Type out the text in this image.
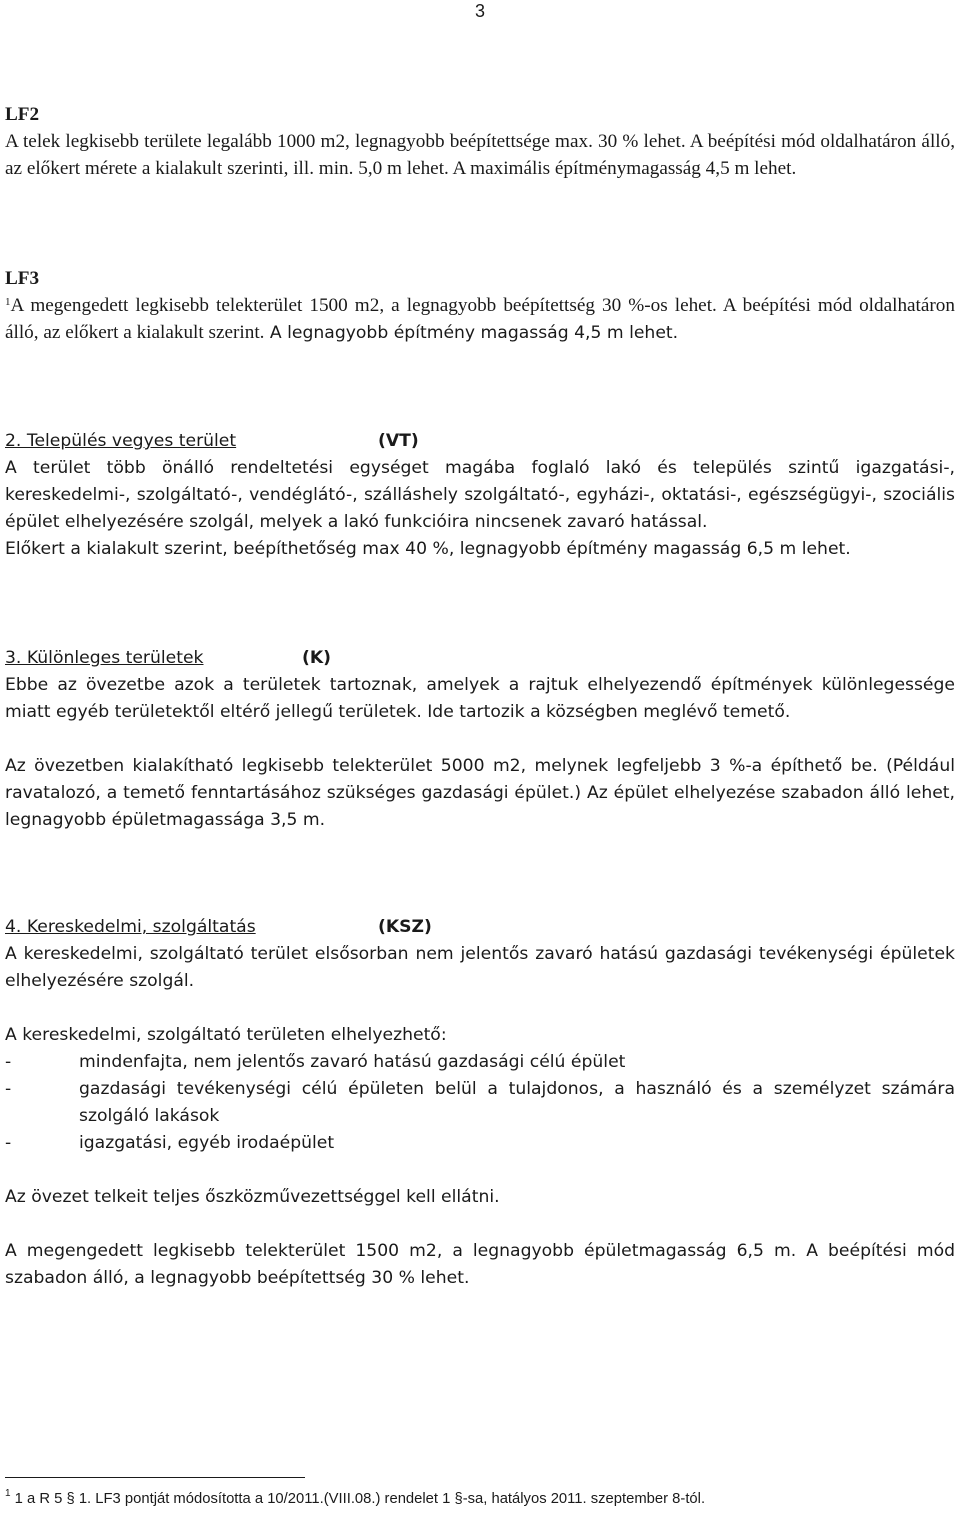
3

LF2

A telek legkisebb területe legalább 1000 m2, legnagyobb beépítettsége max. 30 % lehet. A beépítési mód oldalhatáron álló, az előkert mérete a kialakult szerinti, ill. min. 5,0 m lehet. A maximális építménymagasság 4,5 m lehet.

LF3

$^1$A megengedett legkisebb telekterület 1500 m2, a legnagyobb beépítettség 30 %-os lehet. A beépítési mód oldalhatáron álló, az előkert a kialakult szerint. A legnagyobb építmény magasság 4,5 m lehet.

2. Település vegyes terület	(VT)

A terület több önálló rendeltetési egységet magába foglaló lakó és település szintű igazgatási-, kereskedelmi-, szolgáltató-, vendéglátó-, szálláshely szolgáltató-, egyházi-, oktatási-, egészségügyi-, szociális épület elhelyezésére szolgál, melyek a lakó funkcióira nincsenek zavaró hatással.

Előkert a kialakult szerint, beépíthetőség max 40 %, legnagyobb építmény magasság 6,5 m lehet.

3. Különleges területek	(K)

Ebbe az övezetbe azok a területek tartoznak, amelyek a rajtuk elhelyezendő építmények különlegessége miatt egyéb területektől eltérő jellegű területek. Ide tartozik a községben meglévő temető.

Az övezetben kialakítható legkisebb telekterület 5000 m2, melynek legfeljebb 3 %-a építhető be. (Például ravatalozó, a temető fenntartásához szükséges gazdasági épület.) Az épület elhelyezése szabadon álló lehet, legnagyobb épületmagassága 3,5 m.

4. Kereskedelmi, szolgáltatás	(KSZ)

A kereskedelmi, szolgáltató terület elsősorban nem jelentős zavaró hatású gazdasági tevékenységi épületek elhelyezésére szolgál.

A kereskedelmi, szolgáltató területen elhelyezhető:

-	mindenfajta, nem jelentős zavaró hatású gazdasági célú épület
-	gazdasági tevékenységi célú épületen belül a tulajdonos, a használó és a személyzet számára szolgáló lakások
-	igazgatási, egyéb irodaépület

Az övezet telkeit teljes őszközművezettséggel kell ellátni.

A megengedett legkisebb telekterület 1500 m2, a legnagyobb épületmagasság 6,5 m. A beépítési mód szabadon álló, a legnagyobb beépítettség 30 % lehet.

$^1$ 1 a R 5 § 1. LF3 pontját módosította a 10/2011.(VIII.08.) rendelet 1 §-sa, hatályos 2011. szeptember 8-tól.
